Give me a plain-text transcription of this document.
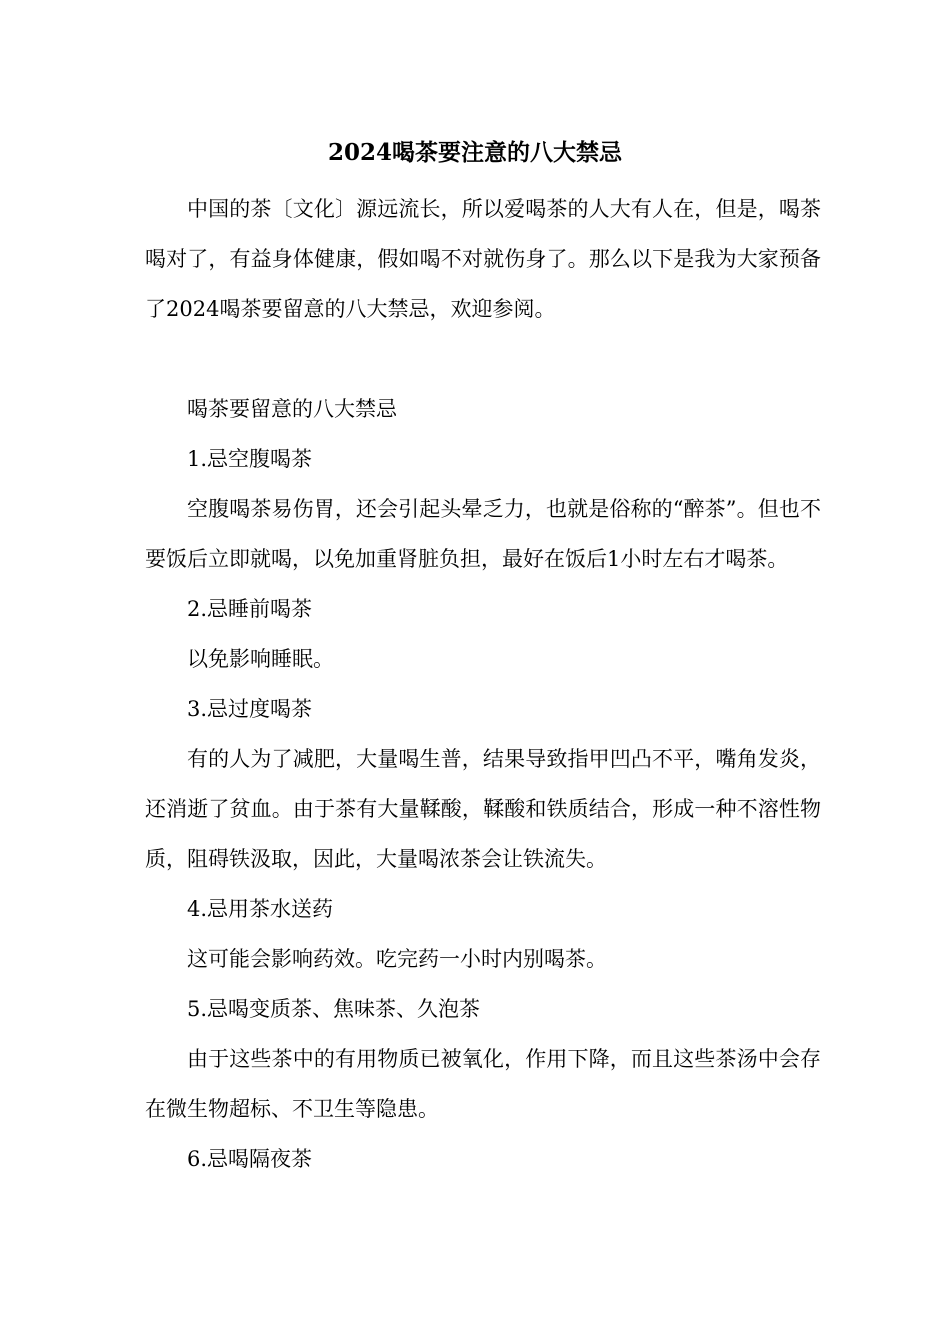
2024喝茶要注意的八大禁忌

中国的茶〔文化〕源远流长，所以爱喝茶的人大有人在，但是，喝茶喝对了，有益身体健康，假如喝不对就伤身了。那么以下是我为大家预备了2024喝茶要留意的八大禁忌，欢迎参阅。

喝茶要留意的八大禁忌

1.忌空腹喝茶

空腹喝茶易伤胃，还会引起头晕乏力，也就是俗称的“醉茶”。但也不要饭后立即就喝，以免加重肾脏负担，最好在饭后1小时左右才喝茶。

2.忌睡前喝茶

以免影响睡眠。

3.忌过度喝茶

有的人为了减肥，大量喝生普，结果导致指甲凹凸不平，嘴角发炎，还消逝了贫血。由于茶有大量鞣酸，鞣酸和铁质结合，形成一种不溶性物质，阻碍铁汲取，因此，大量喝浓茶会让铁流失。

4.忌用茶水送药

这可能会影响药效。吃完药一小时内别喝茶。

5.忌喝变质茶、焦味茶、久泡茶

由于这些茶中的有用物质已被氧化，作用下降，而且这些茶汤中会存在微生物超标、不卫生等隐患。

6.忌喝隔夜茶
